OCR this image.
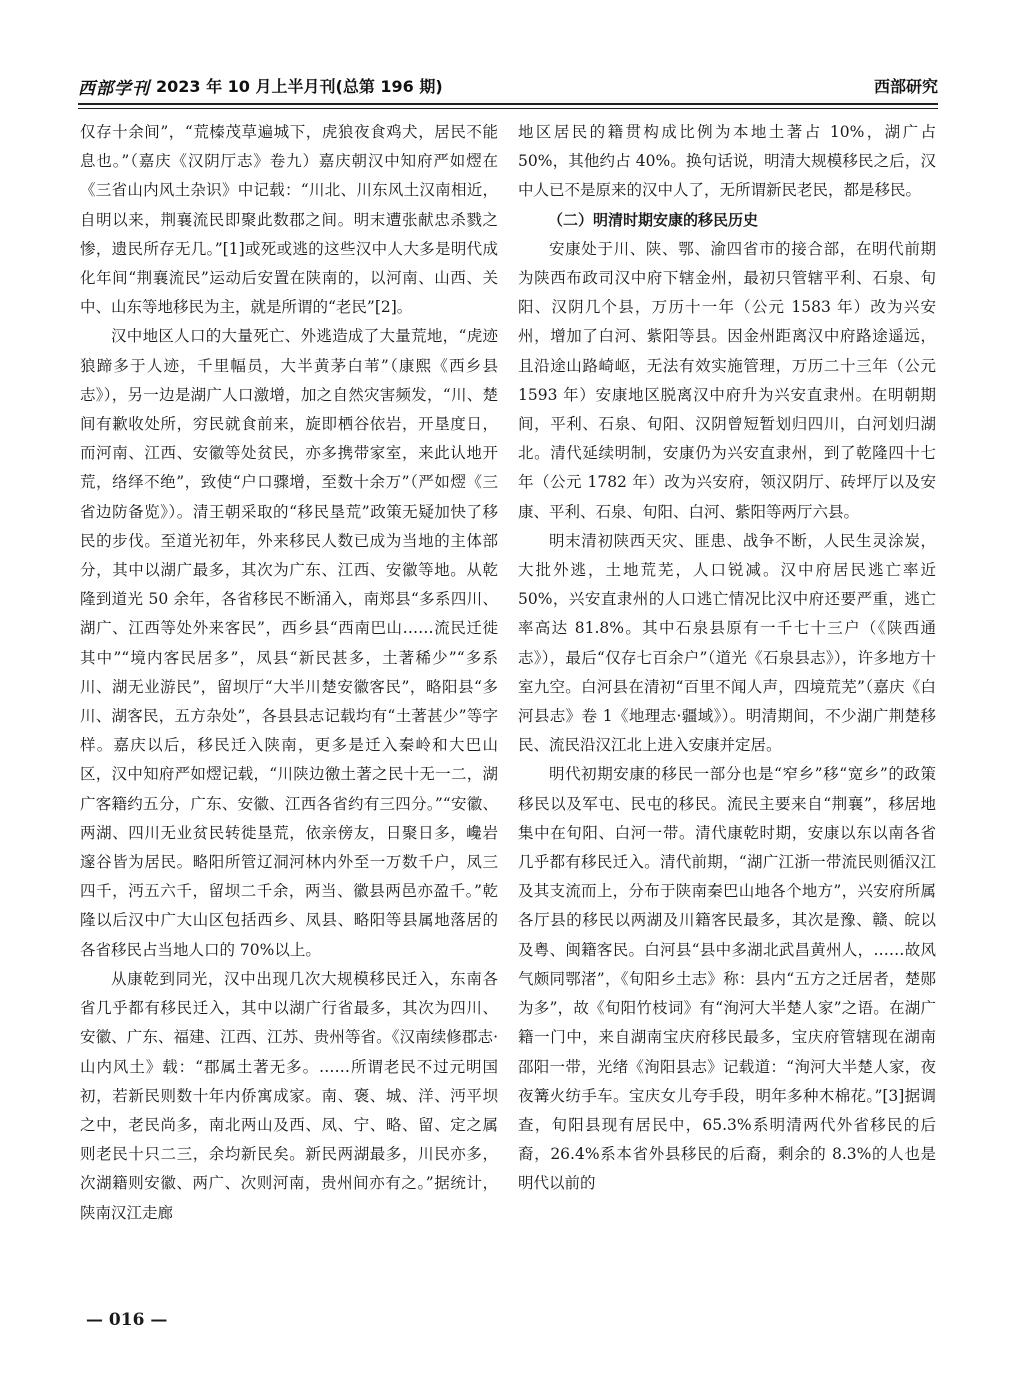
西部学刊 2023 年 10 月上半月刊(总第 196 期)	西部研究

仅存十余间”，“荒榛茂草遍城下，虎狼夜食鸡犬，居民不能息也。”（嘉庆《汉阴厅志》卷九）嘉庆朝汉中知府严如熤在《三省山内风土杂识》中记载：“川北、川东风土汉南相近，自明以来，荆襄流民即聚此数郡之间。明末遭张献忠杀戮之惨，遗民所存无几。”[1]或死或逃的这些汉中人大多是明代成化年间“荆襄流民”运动后安置在陕南的，以河南、山西、关中、山东等地移民为主，就是所谓的“老民”[2]。

汉中地区人口的大量死亡、外逃造成了大量荒地，“虎迹狼蹄多于人迹，千里幅员，大半黄茅白苇”（康熙《西乡县志》），另一边是湖广人口激增，加之自然灾害频发，“川、楚间有歉收处所，穷民就食前来，旋即栖谷依岩，开垦度日，而河南、江西、安徽等处贫民，亦多携带家室，来此认地开荒，络绎不绝”，致使“户口骤增，至数十余万”（严如熤《三省边防备览》）。清王朝采取的“移民垦荒”政策无疑加快了移民的步伐。至道光初年，外来移民人数已成为当地的主体部分，其中以湖广最多，其次为广东、江西、安徽等地。从乾隆到道光 50 余年，各省移民不断涌入，南郑县“多系四川、湖广、江西等处外来客民”，西乡县“西南巴山……流民迁徙其中”“境内客民居多”，凤县“新民甚多，土著稀少”“多系川、湖无业游民”，留坝厅“大半川楚安徽客民”，略阳县“多川、湖客民，五方杂处”，各县县志记载均有“土著甚少”等字样。嘉庆以后，移民迁入陕南，更多是迁入秦岭和大巴山区，汉中知府严如熤记载，“川陕边徼土著之民十无一二，湖广客籍约五分，广东、安徽、江西各省约有三四分。”“安徽、两湖、四川无业贫民转徙垦荒，依亲傍友，日聚日多，巉岩邃谷皆为居民。略阳所管辽洞河林内外至一万数千户，凤三四千，沔五六千，留坝二千余，两当、徽县两邑亦盈千。”乾隆以后汉中广大山区包括西乡、凤县、略阳等县属地落居的各省移民占当地人口的 70%以上。

从康乾到同光，汉中出现几次大规模移民迁入，东南各省几乎都有移民迁入，其中以湖广行省最多，其次为四川、安徽、广东、福建、江西、江苏、贵州等省。《汉南续修郡志·山内风土》载：“郡属土著无多。……所谓老民不过元明国初，若新民则数十年内侨寓成家。南、褒、城、洋、沔平坝之中，老民尚多，南北两山及西、凤、宁、略、留、定之属则老民十只二三，余均新民矣。新民两湖最多，川民亦多，次湖籍则安徽、两广、次则河南，贵州间亦有之。”据统计，陕南汉江走廊

地区居民的籍贯构成比例为本地土著占 10%，湖广占 50%，其他约占 40%。换句话说，明清大规模移民之后，汉中人已不是原来的汉中人了，无所谓新民老民，都是移民。

（二）明清时期安康的移民历史

安康处于川、陕、鄂、渝四省市的接合部，在明代前期为陕西布政司汉中府下辖金州，最初只管辖平利、石泉、旬阳、汉阴几个县，万历十一年（公元 1583 年）改为兴安州，增加了白河、紫阳等县。因金州距离汉中府路途遥远，且沿途山路崎岖，无法有效实施管理，万历二十三年（公元 1593 年）安康地区脱离汉中府升为兴安直隶州。在明朝期间，平利、石泉、旬阳、汉阴曾短暂划归四川，白河划归湖北。清代延续明制，安康仍为兴安直隶州，到了乾隆四十七年（公元 1782 年）改为兴安府，领汉阴厅、砖坪厅以及安康、平利、石泉、旬阳、白河、紫阳等两厅六县。

明末清初陕西天灾、匪患、战争不断，人民生灵涂炭，大批外逃，土地荒芜，人口锐减。汉中府居民逃亡率近 50%，兴安直隶州的人口逃亡情况比汉中府还要严重，逃亡率高达 81.8%。其中石泉县原有一千七十三户（《陕西通志》），最后“仅存七百余户”（道光《石泉县志》），许多地方十室九空。白河县在清初“百里不闻人声，四境荒芜”（嘉庆《白河县志》卷 1《地理志·疆域》）。明清期间，不少湖广荆楚移民、流民沿汉江北上进入安康并定居。

明代初期安康的移民一部分也是“窄乡”移“宽乡”的政策移民以及军屯、民屯的移民。流民主要来自“荆襄”，移居地集中在旬阳、白河一带。清代康乾时期，安康以东以南各省几乎都有移民迁入。清代前期，“湖广江浙一带流民则循汉江及其支流而上，分布于陕南秦巴山地各个地方”，兴安府所属各厅县的移民以两湖及川籍客民最多，其次是豫、赣、皖以及粤、闽籍客民。白河县“县中多湖北武昌黄州人，……故风气颇同鄂渚”，《旬阳乡土志》称：县内“五方之迁居者，楚郧为多”，故《旬阳竹枝词》有“洵河大半楚人家”之语。在湖广籍一门中，来自湖南宝庆府移民最多，宝庆府管辖现在湖南邵阳一带，光绪《洵阳县志》记载道：“洵河大半楚人家，夜夜篝火纺手车。宝庆女儿夸手段，明年多种木棉花。”[3]据调查，旬阳县现有居民中，65.3%系明清两代外省移民的后裔，26.4%系本省外县移民的后裔，剩余的 8.3%的人也是明代以前的

— 016 —
